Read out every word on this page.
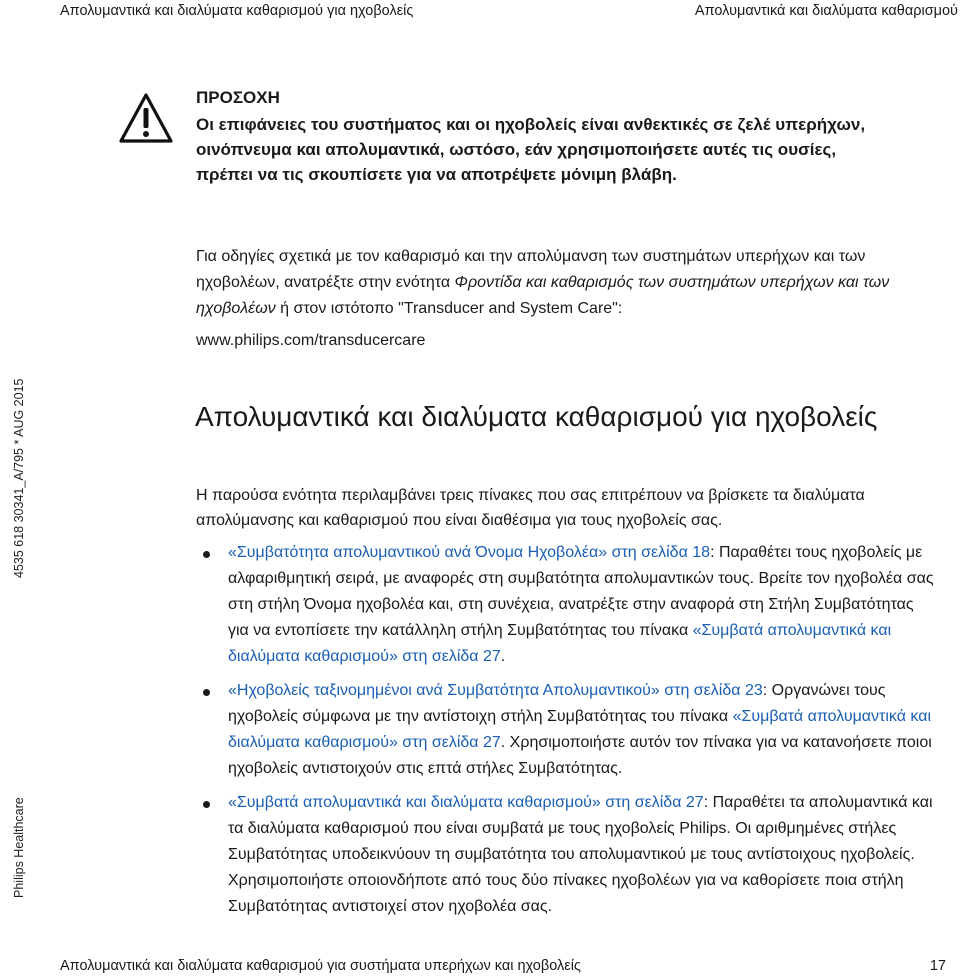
Απολυμαντικά και διαλύματα καθαρισμού για ηχοβολείς	Απολυμαντικά και διαλύματα καθαρισμού
4535 618 30341_A/795 * AUG 2015
Philips Healthcare
ΠΡΟΣΟΧΗ
Οι επιφάνειες του συστήματος και οι ηχοβολείς είναι ανθεκτικές σε ζελέ υπερήχων, οινόπνευμα και απολυμαντικά, ωστόσο, εάν χρησιμοποιήσετε αυτές τις ουσίες, πρέπει να τις σκουπίσετε για να αποτρέψετε μόνιμη βλάβη.
Για οδηγίες σχετικά με τον καθαρισμό και την απολύμανση των συστημάτων υπερήχων και των ηχοβολέων, ανατρέξτε στην ενότητα Φροντίδα και καθαρισμός των συστημάτων υπερήχων και των ηχοβολέων ή στον ιστότοπο "Transducer and System Care":
www.philips.com/transducercare
Απολυμαντικά και διαλύματα καθαρισμού για ηχοβολείς

Η παρούσα ενότητα περιλαμβάνει τρεις πίνακες που σας επιτρέπουν να βρίσκετε τα διαλύματα απολύμανσης και καθαρισμού που είναι διαθέσιμα για τους ηχοβολείς σας.

«Συμβατότητα απολυμαντικού ανά Όνομα Ηχοβολέα» στη σελίδα 18: Παραθέτει τους ηχοβολείς με αλφαριθμητική σειρά, με αναφορές στη συμβατότητα απολυμαντικών τους. Βρείτε τον ηχοβολέα σας στη στήλη Όνομα ηχοβολέα και, στη συνέχεια, ανατρέξτε στην αναφορά στη Στήλη Συμβατότητας για να εντοπίσετε την κατάλληλη στήλη Συμβατότητας του πίνακα «Συμβατά απολυμαντικά και διαλύματα καθαρισμού» στη σελίδα 27.
«Ηχοβολείς ταξινομημένοι ανά Συμβατότητα Απολυμαντικού» στη σελίδα 23: Οργανώνει τους ηχοβολείς σύμφωνα με την αντίστοιχη στήλη Συμβατότητας του πίνακα «Συμβατά απολυμαντικά και διαλύματα καθαρισμού» στη σελίδα 27. Χρησιμοποιήστε αυτόν τον πίνακα για να κατανοήσετε ποιοι ηχοβολείς αντιστοιχούν στις επτά στήλες Συμβατότητας.
«Συμβατά απολυμαντικά και διαλύματα καθαρισμού» στη σελίδα 27: Παραθέτει τα απολυμαντικά και τα διαλύματα καθαρισμού που είναι συμβατά με τους ηχοβολείς Philips. Οι αριθμημένες στήλες Συμβατότητας υποδεικνύουν τη συμβατότητα του απολυμαντικού με τους αντίστοιχους ηχοβολείς. Χρησιμοποιήστε οποιονδήποτε από τους δύο πίνακες ηχοβολέων για να καθορίσετε ποια στήλη Συμβατότητας αντιστοιχεί στον ηχοβολέα σας.
Απολυμαντικά και διαλύματα καθαρισμού για συστήματα υπερήχων και ηχοβολείς	17
